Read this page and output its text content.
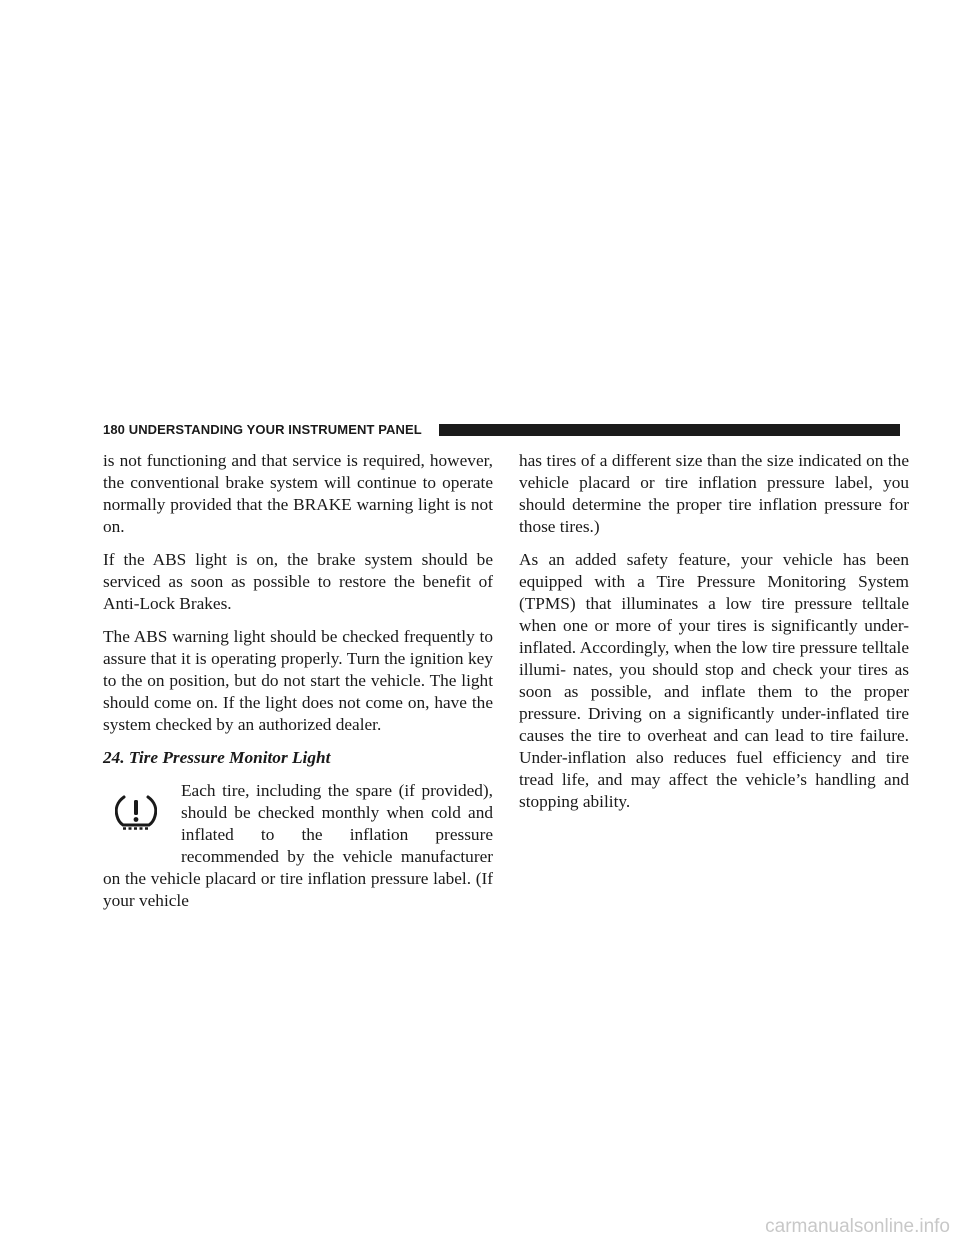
180 UNDERSTANDING YOUR INSTRUMENT PANEL

is not functioning and that service is required, however, the conventional brake system will continue to operate normally provided that the BRAKE warning light is not on.

If the ABS light is on, the brake system should be serviced as soon as possible to restore the benefit of Anti-Lock Brakes.

The ABS warning light should be checked frequently to assure that it is operating properly. Turn the ignition key to the on position, but do not start the vehicle. The light should come on. If the light does not come on, have the system checked by an authorized dealer.

24. Tire Pressure Monitor Light

Each tire, including the spare (if provided), should be checked monthly when cold and inflated to the inflation pressure recommended by the vehicle manufacturer on the vehicle placard or tire inflation pressure label. (If your vehicle

has tires of a different size than the size indicated on the vehicle placard or tire inflation pressure label, you should determine the proper tire inflation pressure for those tires.)

As an added safety feature, your vehicle has been equipped with a Tire Pressure Monitoring System (TPMS) that illuminates a low tire pressure telltale when one or more of your tires is significantly under-inflated. Accordingly, when the low tire pressure telltale illumi- nates, you should stop and check your tires as soon as possible, and inflate them to the proper pressure. Driving on a significantly under-inflated tire causes the tire to overheat and can lead to tire failure. Under-inflation also reduces fuel efficiency and tire tread life, and may affect the vehicle’s handling and stopping ability.

carmanualsonline.info
